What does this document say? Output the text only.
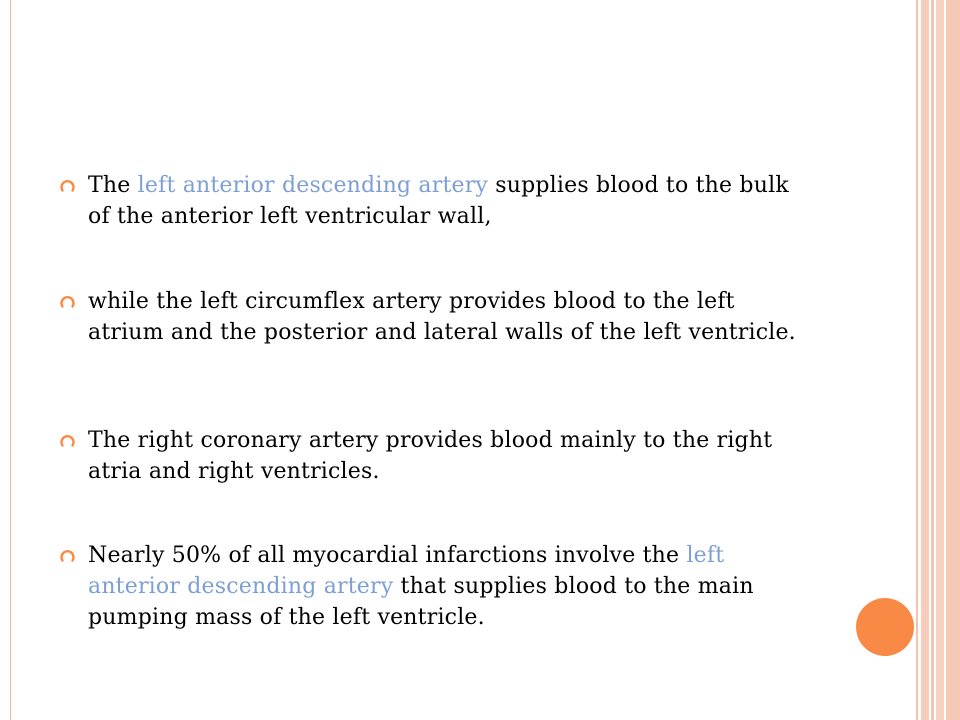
The left anterior descending artery supplies blood to the bulk of the anterior left ventricular wall,
while the left circumflex artery provides blood to the left atrium and the posterior and lateral walls of the left ventricle.
The right coronary artery provides blood mainly to the right atria and right ventricles.
Nearly 50% of all myocardial infarctions involve the left anterior descending artery that supplies blood to the main pumping mass of the left ventricle.
